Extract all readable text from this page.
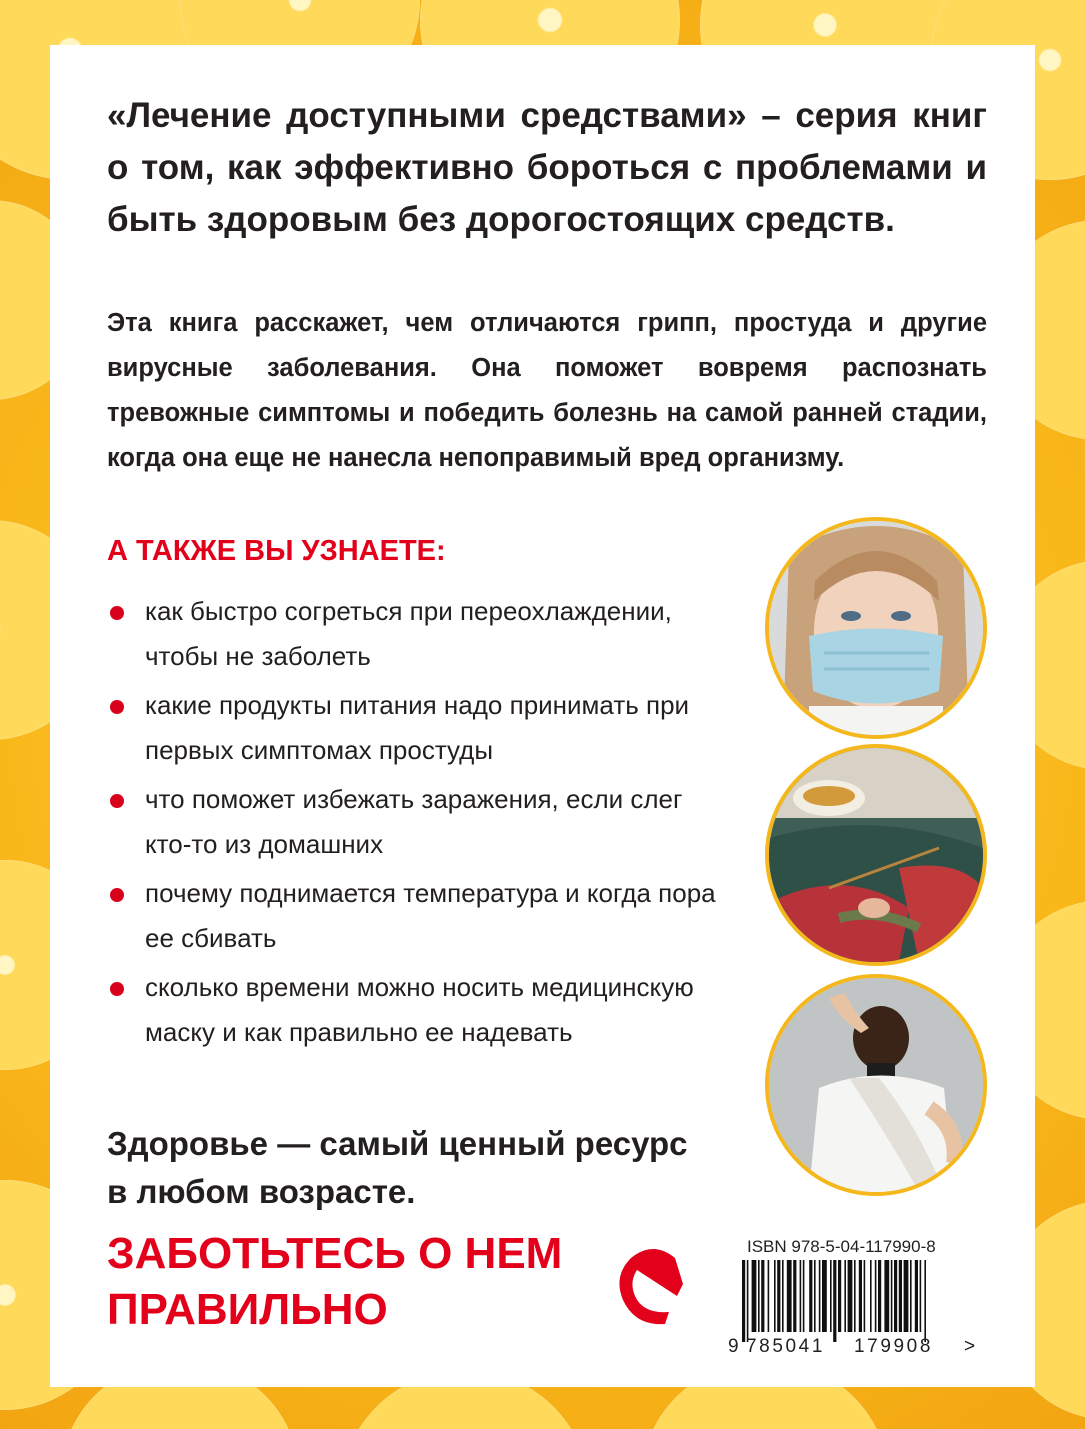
«Лечение доступными средствами» – серия книг о том, как эффективно бороться с проблемами и быть здоровым без дорогостоящих средств.

Эта книга расскажет, чем отличаются грипп, простуда и другие вирусные заболевания. Она поможет вовремя распознать тревожные симптомы и победить болезнь на самой ранней стадии, когда она еще не нанесла непоправимый вред организму.

А ТАКЖЕ ВЫ УЗНАЕТЕ:

как быстро согреться при переохлаждении, чтобы не заболеть
какие продукты питания надо принимать при первых симптомах простуды
что поможет избежать заражения, если слег кто-то из домашних
почему поднимается температура и когда пора ее сбивать
сколько времени можно носить медицинскую маску и как правильно ее надевать

Здоровье — самый ценный ресурс в любом возрасте.

ЗАБОТЬТЕСЬ О НЕМ ПРАВИЛЬНО

ISBN 978-5-04-117990-8
9 785041 179908 >
